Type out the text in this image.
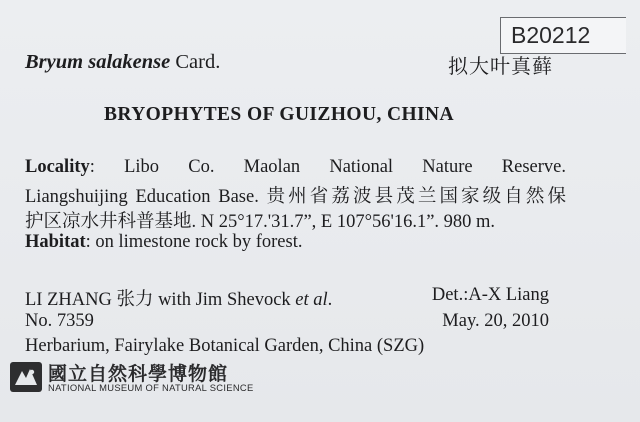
B20212
Bryum salakense Card.	拟大叶真藓
BRYOPHYTES OF GUIZHOU, CHINA
Locality: Libo Co. Maolan National Nature Reserve.
Liangshuijing Education Base. 贵州省荔波县茂兰国家级自然保
护区凉水井科普基地. N 25°17.'31.7”, E 107°56'16.1”. 980 m.
Habitat: on limestone rock by forest.
LI ZHANG 张力 with Jim Shevock et al.	Det.:A-X Liang
No. 7359	May. 20, 2010
Herbarium, Fairylake Botanical Garden, China (SZG)
國立自然科學博物館
NATIONAL MUSEUM OF NATURAL SCIENCE
